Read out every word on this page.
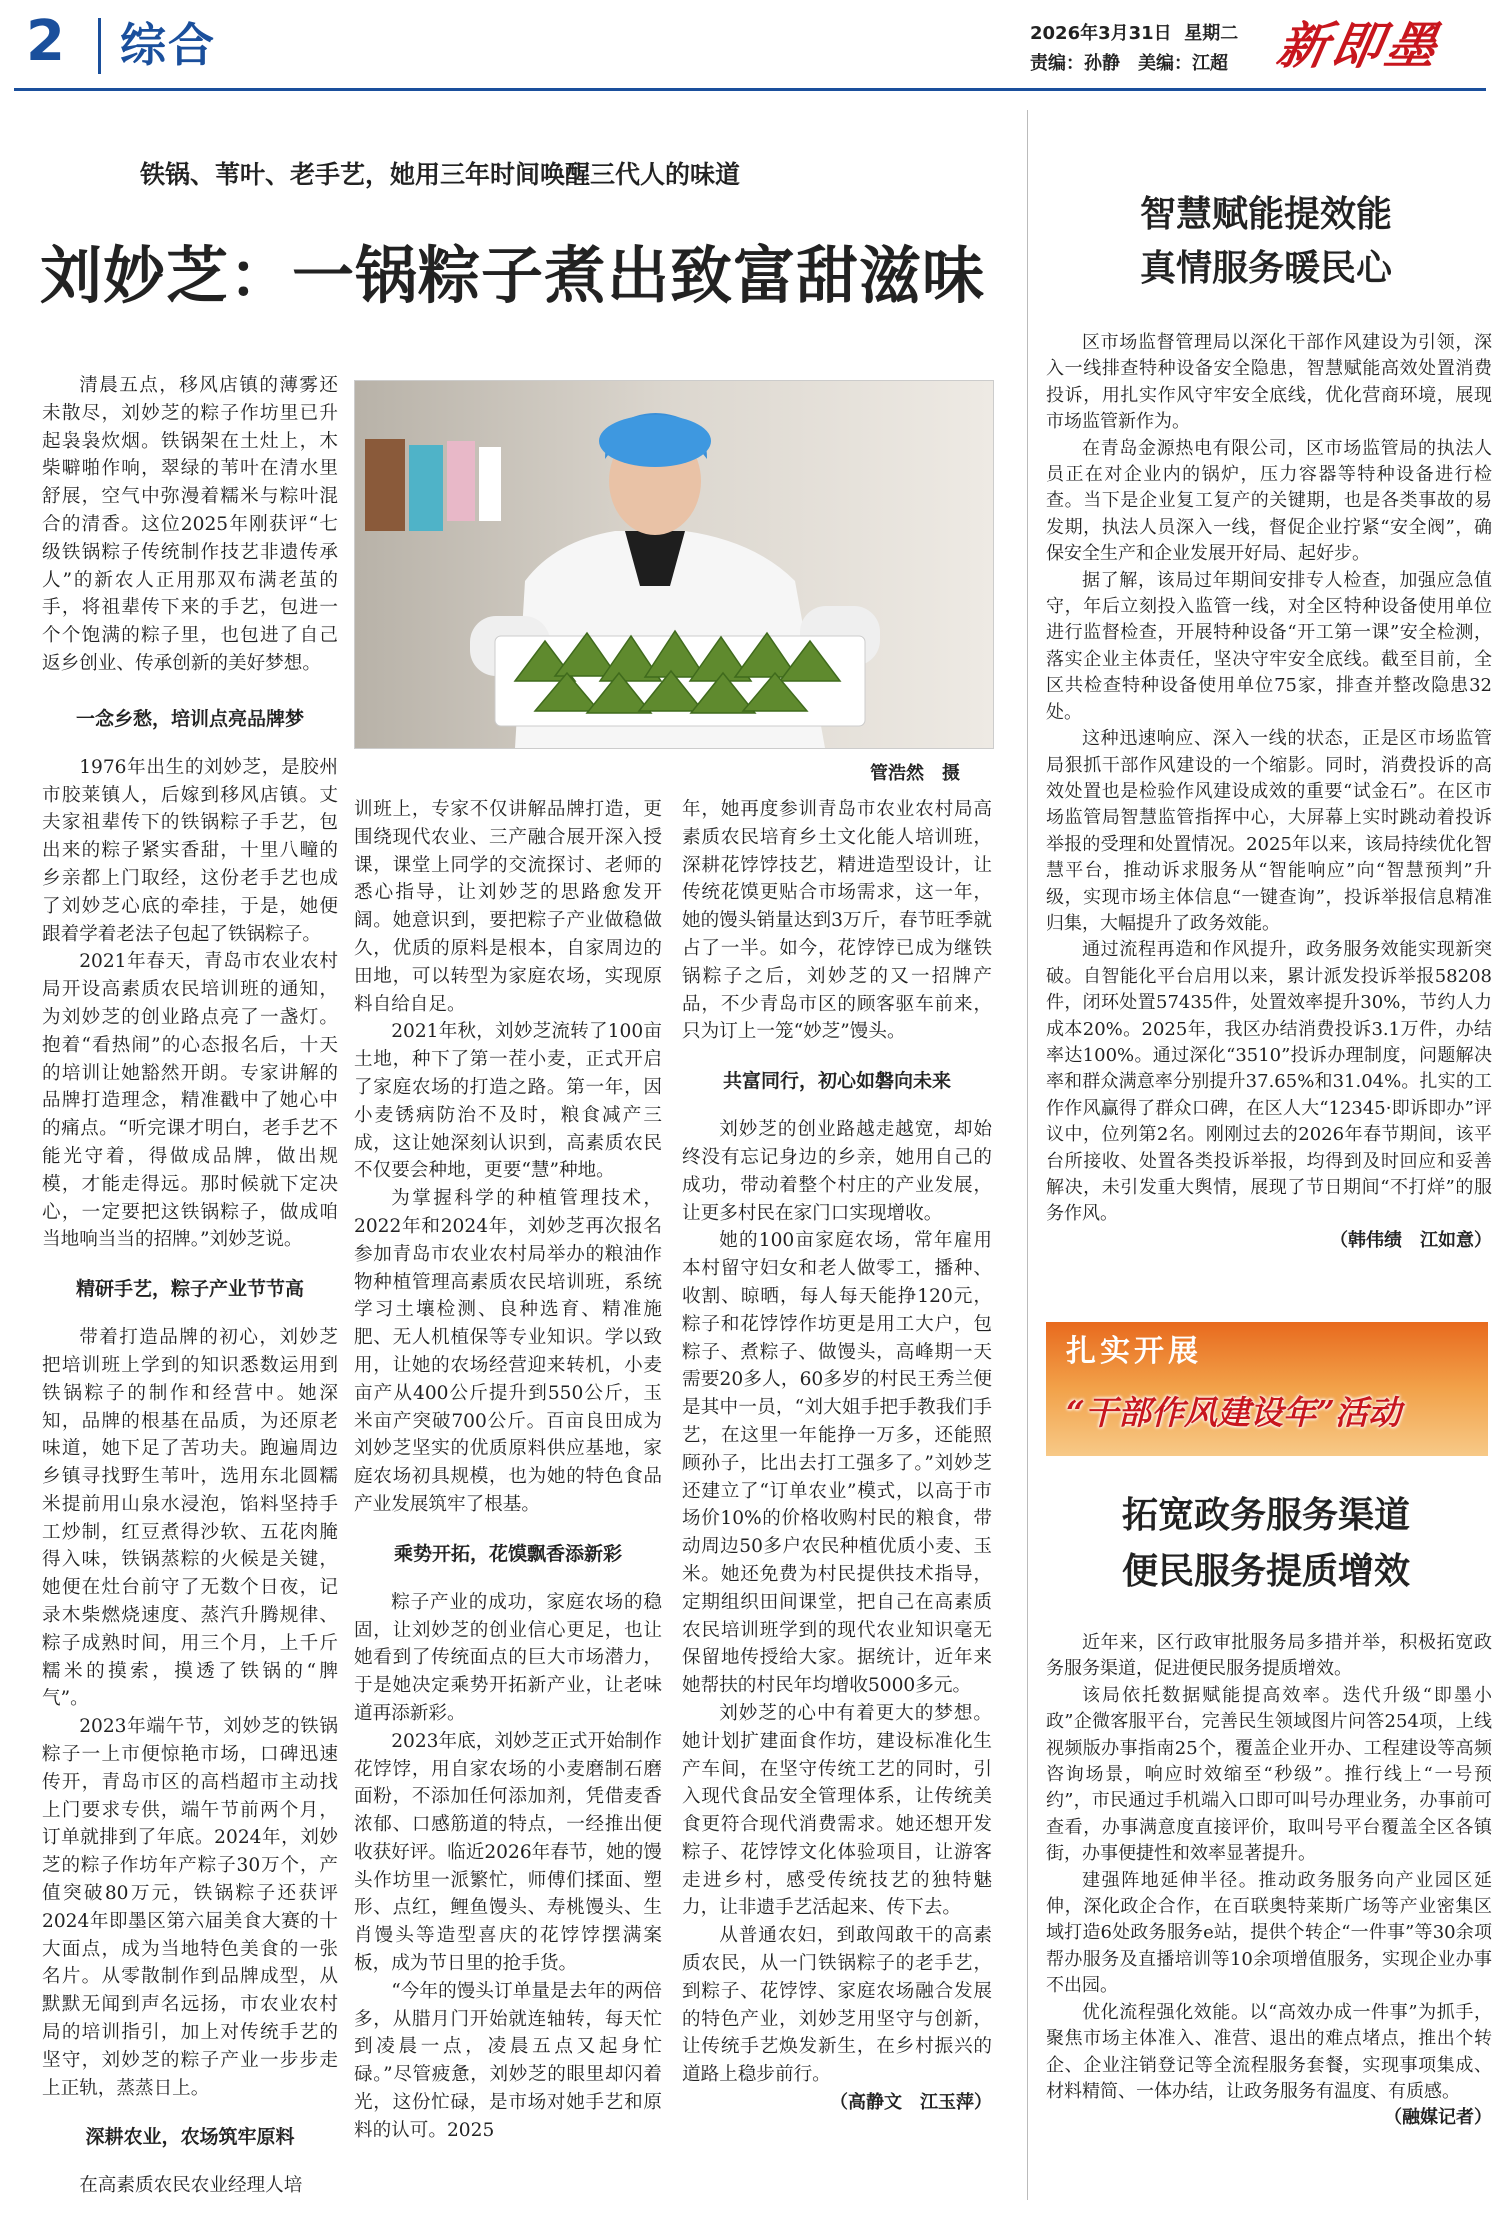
2 综合	2026年3月31日 星期二
责编：孙静　美编：江超 新即墨
铁锅、苇叶、老手艺，她用三年时间唤醒三代人的味道
刘妙芝：一锅粽子煮出致富甜滋味
管浩然　摄

清晨五点，移风店镇的薄雾还未散尽，刘妙芝的粽子作坊里已升起袅袅炊烟。铁锅架在土灶上，木柴噼啪作响，翠绿的苇叶在清水里舒展，空气中弥漫着糯米与粽叶混合的清香。这位2025年刚获评“七级铁锅粽子传统制作技艺非遗传承人”的新农人正用那双布满老茧的手，将祖辈传下来的手艺，包进一个个饱满的粽子里，也包进了自己返乡创业、传承创新的美好梦想。

一念乡愁，培训点亮品牌梦

1976年出生的刘妙芝，是胶州市胶莱镇人，后嫁到移风店镇。丈夫家祖辈传下的铁锅粽子手艺，包出来的粽子紧实香甜，十里八疃的乡亲都上门取经，这份老手艺也成了刘妙芝心底的牵挂，于是，她便跟着学着老法子包起了铁锅粽子。

2021年春天，青岛市农业农村局开设高素质农民培训班的通知，为刘妙芝的创业路点亮了一盏灯。抱着“看热闹”的心态报名后，十天的培训让她豁然开朗。专家讲解的品牌打造理念，精准戳中了她心中的痛点。“听完课才明白，老手艺不能光守着，得做成品牌，做出规模，才能走得远。那时候就下定决心，一定要把这铁锅粽子，做成咱当地响当当的招牌。”刘妙芝说。

精研手艺，粽子产业节节高

带着打造品牌的初心，刘妙芝把培训班上学到的知识悉数运用到铁锅粽子的制作和经营中。她深知，品牌的根基在品质，为还原老味道，她下足了苦功夫。跑遍周边乡镇寻找野生苇叶，选用东北圆糯米提前用山泉水浸泡，馅料坚持手工炒制，红豆煮得沙软、五花肉腌得入味，铁锅蒸粽的火候是关键，她便在灶台前守了无数个日夜，记录木柴燃烧速度、蒸汽升腾规律、粽子成熟时间，用三个月，上千斤糯米的摸索，摸透了铁锅的“脾气”。

2023年端午节，刘妙芝的铁锅粽子一上市便惊艳市场，口碑迅速传开，青岛市区的高档超市主动找上门要求专供，端午节前两个月，订单就排到了年底。2024年，刘妙芝的粽子作坊年产粽子30万个，产值突破80万元，铁锅粽子还获评2024年即墨区第六届美食大赛的十大面点，成为当地特色美食的一张名片。从零散制作到品牌成型，从默默无闻到声名远扬，市农业农村局的培训指引，加上对传统手艺的坚守，刘妙芝的粽子产业一步步走上正轨，蒸蒸日上。

深耕农业，农场筑牢原料

在高素质农民农业经理人培

训班上，专家不仅讲解品牌打造，更围绕现代农业、三产融合展开深入授课，课堂上同学的交流探讨、老师的悉心指导，让刘妙芝的思路愈发开阔。她意识到，要把粽子产业做稳做久，优质的原料是根本，自家周边的田地，可以转型为家庭农场，实现原料自给自足。

2021年秋，刘妙芝流转了100亩土地，种下了第一茬小麦，正式开启了家庭农场的打造之路。第一年，因小麦锈病防治不及时，粮食减产三成，这让她深刻认识到，高素质农民不仅要会种地，更要“慧”种地。

为掌握科学的种植管理技术，2022年和2024年，刘妙芝再次报名参加青岛市农业农村局举办的粮油作物种植管理高素质农民培训班，系统学习土壤检测、良种选育、精准施肥、无人机植保等专业知识。学以致用，让她的农场经营迎来转机，小麦亩产从400公斤提升到550公斤，玉米亩产突破700公斤。百亩良田成为刘妙芝坚实的优质原料供应基地，家庭农场初具规模，也为她的特色食品产业发展筑牢了根基。

乘势开拓，花馍飘香添新彩

粽子产业的成功，家庭农场的稳固，让刘妙芝的创业信心更足，也让她看到了传统面点的巨大市场潜力，于是她决定乘势开拓新产业，让老味道再添新彩。

2023年底，刘妙芝正式开始制作花饽饽，用自家农场的小麦磨制石磨面粉，不添加任何添加剂，凭借麦香浓郁、口感筋道的特点，一经推出便收获好评。临近2026年春节，她的馒头作坊里一派繁忙，师傅们揉面、塑形、点红，鲤鱼馒头、寿桃馒头、生肖馒头等造型喜庆的花饽饽摆满案板，成为节日里的抢手货。

“今年的馒头订单量是去年的两倍多，从腊月门开始就连轴转，每天忙到凌晨一点，凌晨五点又起身忙碌。”尽管疲惫，刘妙芝的眼里却闪着光，这份忙碌，是市场对她手艺和原料的认可。2025

年，她再度参训青岛市农业农村局高素质农民培育乡土文化能人培训班，深耕花饽饽技艺，精进造型设计，让传统花馍更贴合市场需求，这一年，她的馒头销量达到3万斤，春节旺季就占了一半。如今，花饽饽已成为继铁锅粽子之后，刘妙芝的又一招牌产品，不少青岛市区的顾客驱车前来，只为订上一笼“妙芝”馒头。

共富同行，初心如磐向未来

刘妙芝的创业路越走越宽，却始终没有忘记身边的乡亲，她用自己的成功，带动着整个村庄的产业发展，让更多村民在家门口实现增收。

她的100亩家庭农场，常年雇用本村留守妇女和老人做零工，播种、收割、晾晒，每人每天能挣120元，粽子和花饽饽作坊更是用工大户，包粽子、煮粽子、做馒头，高峰期一天需要20多人，60多岁的村民王秀兰便是其中一员，“刘大姐手把手教我们手艺，在这里一年能挣一万多，还能照顾孙子，比出去打工强多了。”刘妙芝还建立了“订单农业”模式，以高于市场价10%的价格收购村民的粮食，带动周边50多户农民种植优质小麦、玉米。她还免费为村民提供技术指导，定期组织田间课堂，把自己在高素质农民培训班学到的现代农业知识毫无保留地传授给大家。据统计，近年来她帮扶的村民年均增收5000多元。

刘妙芝的心中有着更大的梦想。她计划扩建面食作坊，建设标准化生产车间，在坚守传统工艺的同时，引入现代食品安全管理体系，让传统美食更符合现代消费需求。她还想开发粽子、花饽饽文化体验项目，让游客走进乡村，感受传统技艺的独特魅力，让非遗手艺活起来、传下去。

从普通农妇，到敢闯敢干的高素质农民，从一门铁锅粽子的老手艺，到粽子、花饽饽、家庭农场融合发展的特色产业，刘妙芝用坚守与创新，让传统手艺焕发新生，在乡村振兴的道路上稳步前行。

（高静文　江玉萍）

智慧赋能提效能
真情服务暖民心

区市场监督管理局以深化干部作风建设为引领，深入一线排查特种设备安全隐患，智慧赋能高效处置消费投诉，用扎实作风守牢安全底线，优化营商环境，展现市场监管新作为。

在青岛金源热电有限公司，区市场监管局的执法人员正在对企业内的锅炉，压力容器等特种设备进行检查。当下是企业复工复产的关键期，也是各类事故的易发期，执法人员深入一线，督促企业拧紧“安全阀”，确保安全生产和企业发展开好局、起好步。

据了解，该局过年期间安排专人检查，加强应急值守，年后立刻投入监管一线，对全区特种设备使用单位进行监督检查，开展特种设备“开工第一课”安全检测，落实企业主体责任，坚决守牢安全底线。截至目前，全区共检查特种设备使用单位75家，排查并整改隐患32处。

这种迅速响应、深入一线的状态，正是区市场监管局狠抓干部作风建设的一个缩影。同时，消费投诉的高效处置也是检验作风建设成效的重要“试金石”。在区市场监管局智慧监管指挥中心，大屏幕上实时跳动着投诉举报的受理和处置情况。2025年以来，该局持续优化智慧平台，推动诉求服务从“智能响应”向“智慧预判”升级，实现市场主体信息“一键查询”，投诉举报信息精准归集，大幅提升了政务效能。

通过流程再造和作风提升，政务服务效能实现新突破。自智能化平台启用以来，累计派发投诉举报58208件，闭环处置57435件，处置效率提升30%，节约人力成本20%。2025年，我区办结消费投诉3.1万件，办结率达100%。通过深化“3510”投诉办理制度，问题解决率和群众满意率分别提升37.65%和31.04%。扎实的工作作风赢得了群众口碑，在区人大“12345·即诉即办”评议中，位列第2名。刚刚过去的2026年春节期间，该平台所接收、处置各类投诉举报，均得到及时回应和妥善解决，未引发重大舆情，展现了节日期间“不打烊”的服务作风。

（韩伟绩　江如意）

扎实开展
“干部作风建设年”活动
拓宽政务服务渠道
便民服务提质增效

近年来，区行政审批服务局多措并举，积极拓宽政务服务渠道，促进便民服务提质增效。

该局依托数据赋能提高效率。迭代升级“即墨小政”企微客服平台，完善民生领域图片问答254项，上线视频版办事指南25个，覆盖企业开办、工程建设等高频咨询场景，响应时效缩至“秒级”。推行线上“一号预约”，市民通过手机端入口即可叫号办理业务，办事前可查看，办事满意度直接评价，取叫号平台覆盖全区各镇街，办事便捷性和效率显著提升。

建强阵地延伸半径。推动政务服务向产业园区延伸，深化政企合作，在百联奥特莱斯广场等产业密集区域打造6处政务服务e站，提供个转企“一件事”等30余项帮办服务及直播培训等10余项增值服务，实现企业办事不出园。

优化流程强化效能。以“高效办成一件事”为抓手，聚焦市场主体准入、准营、退出的难点堵点，推出个转企、企业注销登记等全流程服务套餐，实现事项集成、材料精简、一体办结，让政务服务有温度、有质感。

（融媒记者）
